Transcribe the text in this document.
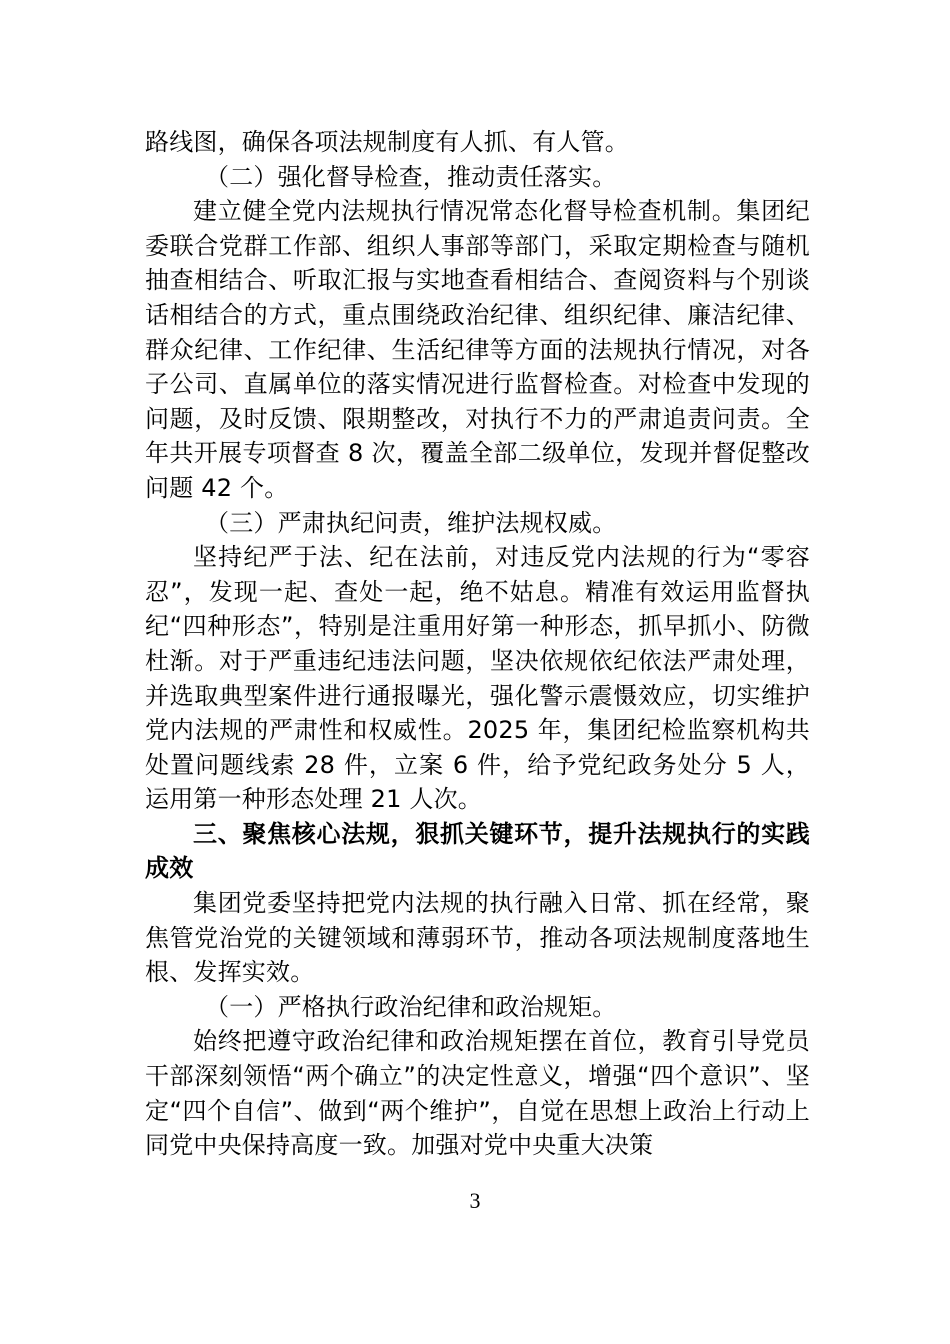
路线图，确保各项法规制度有人抓、有人管。

（二）强化督导检查，推动责任落实。

建立健全党内法规执行情况常态化督导检查机制。集团纪委联合党群工作部、组织人事部等部门，采取定期检查与随机抽查相结合、听取汇报与实地查看相结合、查阅资料与个别谈话相结合的方式，重点围绕政治纪律、组织纪律、廉洁纪律、群众纪律、工作纪律、生活纪律等方面的法规执行情况，对各子公司、直属单位的落实情况进行监督检查。对检查中发现的问题，及时反馈、限期整改，对执行不力的严肃追责问责。全年共开展专项督查 8 次，覆盖全部二级单位，发现并督促整改问题 42 个。

（三）严肃执纪问责，维护法规权威。

坚持纪严于法、纪在法前，对违反党内法规的行为“零容忍”，发现一起、查处一起，绝不姑息。精准有效运用监督执纪“四种形态”，特别是注重用好第一种形态，抓早抓小、防微杜渐。对于严重违纪违法问题，坚决依规依纪依法严肃处理，并选取典型案件进行通报曝光，强化警示震慑效应，切实维护党内法规的严肃性和权威性。2025 年，集团纪检监察机构共处置问题线索 28 件，立案 6 件，给予党纪政务处分 5 人，运用第一种形态处理 21 人次。

三、聚焦核心法规，狠抓关键环节，提升法规执行的实践成效

集团党委坚持把党内法规的执行融入日常、抓在经常，聚焦管党治党的关键领域和薄弱环节，推动各项法规制度落地生根、发挥实效。

（一）严格执行政治纪律和政治规矩。

始终把遵守政治纪律和政治规矩摆在首位，教育引导党员干部深刻领悟“两个确立”的决定性意义，增强“四个意识”、坚定“四个自信”、做到“两个维护”，自觉在思想上政治上行动上同党中央保持高度一致。加强对党中央重大决策

3
